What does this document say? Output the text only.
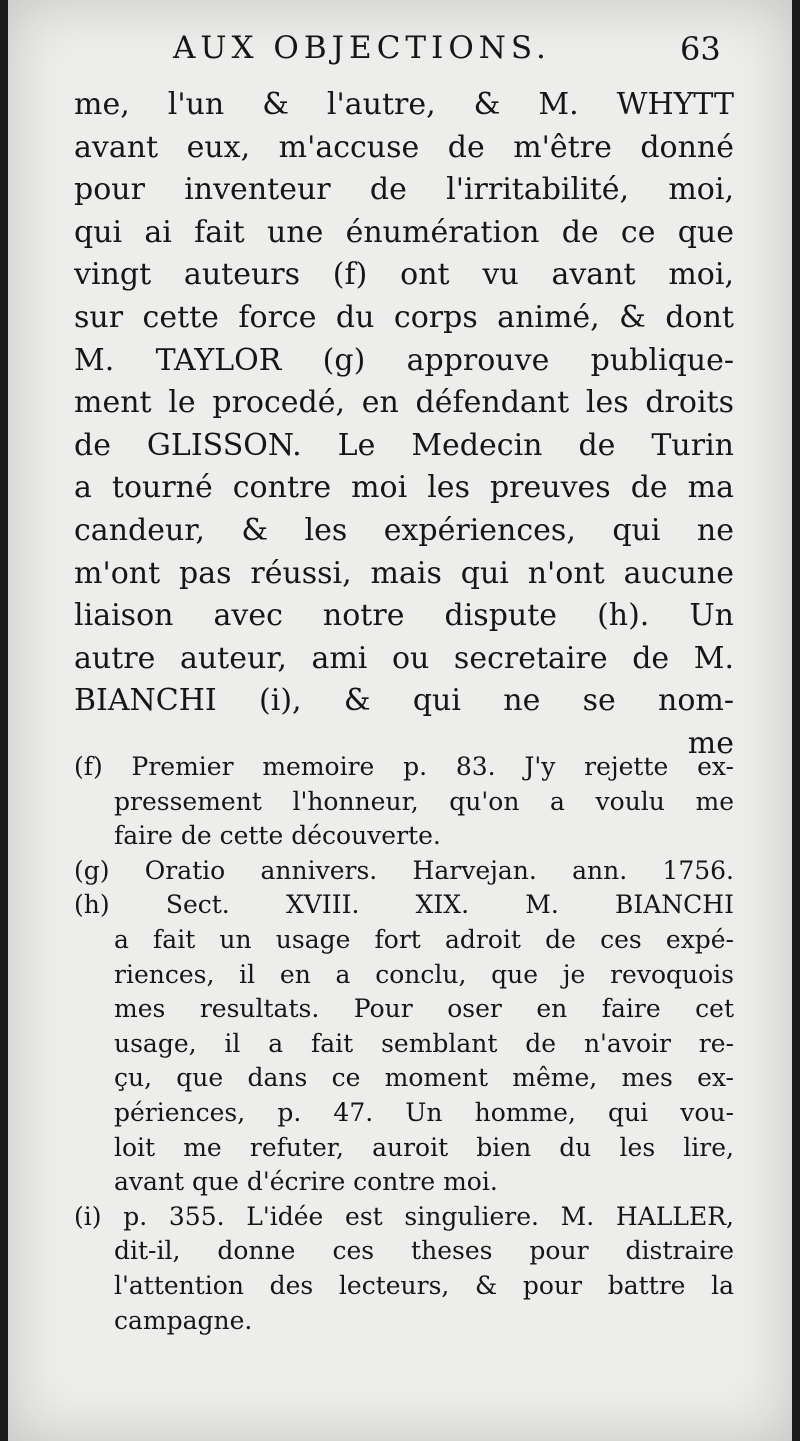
AUX OBJECTIONS.	63
me, l'un & l'autre, & M. WHYTT
avant eux, m'accuse de m'être donné
pour inventeur de l'irritabilité, moi,
qui ai fait une énumération de ce que
vingt auteurs (f) ont vu avant moi,
sur cette force du corps animé, & dont
M. TAYLOR (g) approuve publique-
ment le procedé, en défendant les droits
de GLISSON. Le Medecin de Turin
a tourné contre moi les preuves de ma
candeur, & les expériences, qui ne
m'ont pas réussi, mais qui n'ont aucune
liaison avec notre dispute (h). Un
autre auteur, ami ou secretaire de M.
BIANCHI (i), & qui ne se nom-
me
(f) Premier memoire p. 83. J'y rejette ex-
pressement l'honneur, qu'on a voulu me
faire de cette découverte.
(g) Oratio annivers. Harvejan. ann. 1756.
(h) Sect. XVIII. XIX. M. BIANCHI
a fait un usage fort adroit de ces expé-
riences, il en a conclu, que je revoquois
mes resultats. Pour oser en faire cet
usage, il a fait semblant de n'avoir re-
çu, que dans ce moment même, mes ex-
périences, p. 47. Un homme, qui vou-
loit me refuter, auroit bien du les lire,
avant que d'écrire contre moi.
(i) p. 355. L'idée est singuliere. M. HALLER,
dit-il, donne ces theses pour distraire
l'attention des lecteurs, & pour battre la
campagne.
